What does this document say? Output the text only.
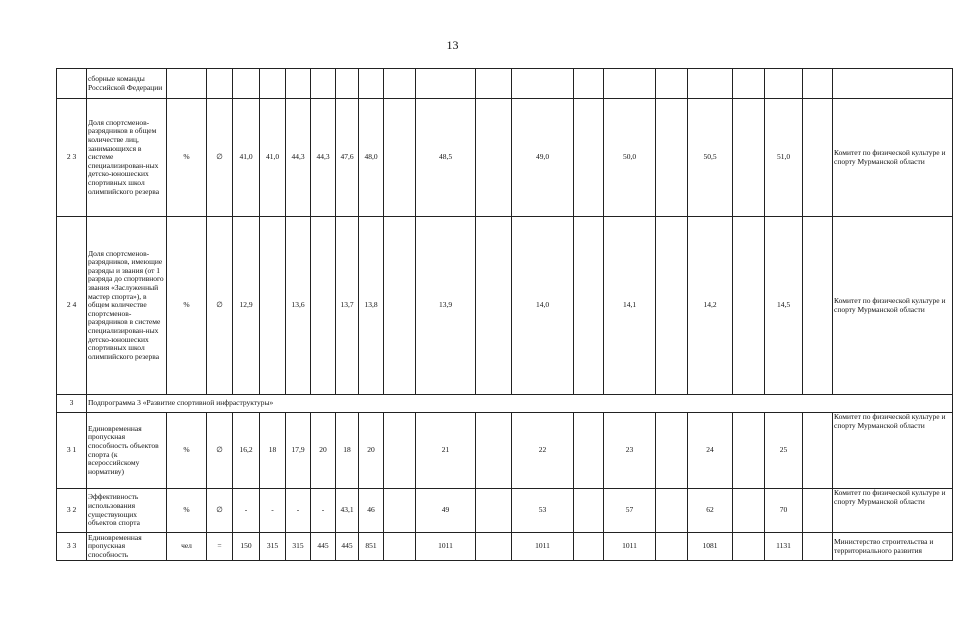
13
	сборные команды Российской Федерации																				
2 3	Доля спортсменов-разрядников в общем количестве лиц, занимающихся в системе специализирован-ных детско-юношеских спортивных школ олимпийского резерва	%	∅	41,0	41,0	44,3	44,3	47,6	48,0		48,5		49,0		50,0		50,5		51,0		Комитет по физической культуре и спорту Мурманской области
2 4	Доля спортсменов-разрядников, имеющие разряды и звания (от 1 разряда до спортивного звания «Заслуженный мастер спорта»), в общем количестве спортсменов-разрядников в системе специализирован-ных детско-юношеских спортивных школ олимпийского резерва	%	∅	12,9		13,6		13,7	13,8		13,9		14,0		14,1		14,2		14,5		Комитет по физической культуре и спорту Мурманской области
3	Подпрограмма 3 «Развитие спортивной инфраструктуры»																				
3 1	Единовременная пропускная способность объектов спорта (к всероссийскому нормативу)	%	∅	16,2	18	17,9	20	18	20		21		22		23		24		25		Комитет по физической культуре и спорту Мурманской области
3 2	Эффективность использования существующих объектов спорта	%	∅	-	-	-	-	43,1	46		49		53		57		62		70		Комитет по физической культуре и спорту Мурманской области
3 3	Единовременная пропускная способность	чел	=	150	315	315	445	445	851		1011		1011		1011		1081		1131		Министерство строительства и территориального развития
